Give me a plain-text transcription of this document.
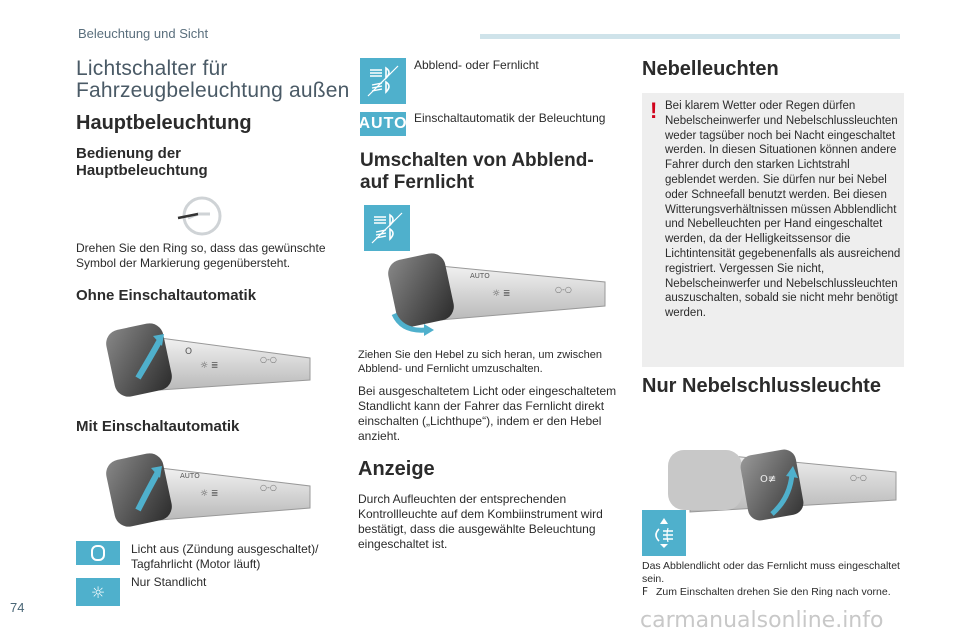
Beleuchtung und Sicht
Lichtschalter für
Fahrzeugbeleuchtung außen
Hauptbeleuchtung
Bedienung der
Hauptbeleuchtung
Drehen Sie den Ring so, dass das gewünschte Symbol der Markierung gegenübersteht.
Ohne Einschaltautomatik
O
☼ ≣
○-○
Mit Einschaltautomatik
AUTO
☼ ≣
○-○
Licht aus (Zündung ausgeschaltet)/ Tagfahrlicht (Motor läuft)
☼
Nur Standlicht
Abblend- oder Fernlicht
AUTO Einschaltautomatik der Beleuchtung
Umschalten von Abblend-
auf Fernlicht
AUTO
☼ ≣	○-○
Ziehen Sie den Hebel zu sich heran, um zwischen Abblend- und Fernlicht umzuschalten.
Bei ausgeschaltetem Licht oder eingeschaltetem Standlicht kann der Fahrer das Fernlicht direkt einschalten („Lichthupe“), indem er den Hebel anzieht.
Anzeige
Durch Aufleuchten der entsprechenden Kontrollleuchte auf dem Kombiinstrument wird bestätigt, dass die ausgewählte Beleuchtung eingeschaltet ist.
Nebelleuchten
! Bei klarem Wetter oder Regen dürfen Nebelscheinwerfer und Nebelschlussleuchten weder tagsüber noch bei Nacht eingeschaltet werden. In diesen Situationen können andere Fahrer durch den starken Lichtstrahl geblendet werden. Sie dürfen nur bei Nebel oder Schneefall benutzt werden. Bei diesen Witterungsverhältnissen müssen Abblendlicht und Nebelleuchten per Hand eingeschaltet werden, da der Helligkeitssensor die Lichtintensität gegebenenfalls als ausreichend registriert. Vergessen Sie nicht, Nebelscheinwerfer und Nebelschlussleuchten auszuschalten, sobald sie nicht mehr benötigt werden.
Nur Nebelschlussleuchte
O≢	○-○
Das Abblendlicht oder das Fernlicht muss eingeschaltet sein.
F Zum Einschalten drehen Sie den Ring nach vorne.
74
carmanualsonline.info
